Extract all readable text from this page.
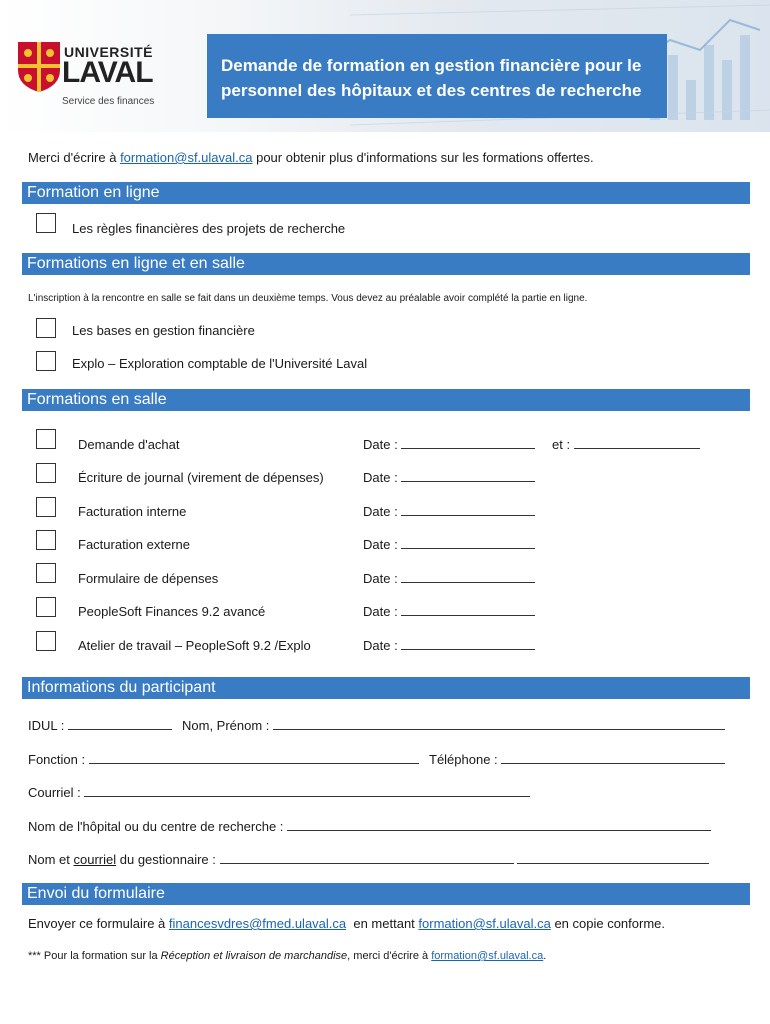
UNIVERSITÉ
LAVAL
Service des finances
Demande de formation en gestion financière pour le
personnel des hôpitaux et des centres de recherche
Merci d'écrire à formation@sf.ulaval.ca pour obtenir plus d'informations sur les formations offertes.
Formation en ligne
Les règles financières des projets de recherche
Formations en ligne et en salle
L'inscription à la rencontre en salle se fait dans un deuxième temps. Vous devez au préalable avoir complété la partie en ligne.
Les bases en gestion financière
Explo – Exploration comptable de l'Université Laval
Formations en salle
Demande d'achat	Date :	et :
Écriture de journal (virement de dépenses)	Date :
Facturation interne	Date :
Facturation externe	Date :
Formulaire de dépenses	Date :
PeopleSoft Finances 9.2 avancé	Date :
Atelier de travail – PeopleSoft 9.2 /Explo	Date :
Informations du participant
IDUL :	Nom, Prénom :
Fonction :	Téléphone :
Courriel :
Nom de l'hôpital ou du centre de recherche :
Nom et courriel du gestionnaire :
Envoi du formulaire
Envoyer ce formulaire à financesvdres@fmed.ulaval.ca  en mettant formation@sf.ulaval.ca en copie conforme.
*** Pour la formation sur la Réception et livraison de marchandise, merci d'écrire à formation@sf.ulaval.ca.
